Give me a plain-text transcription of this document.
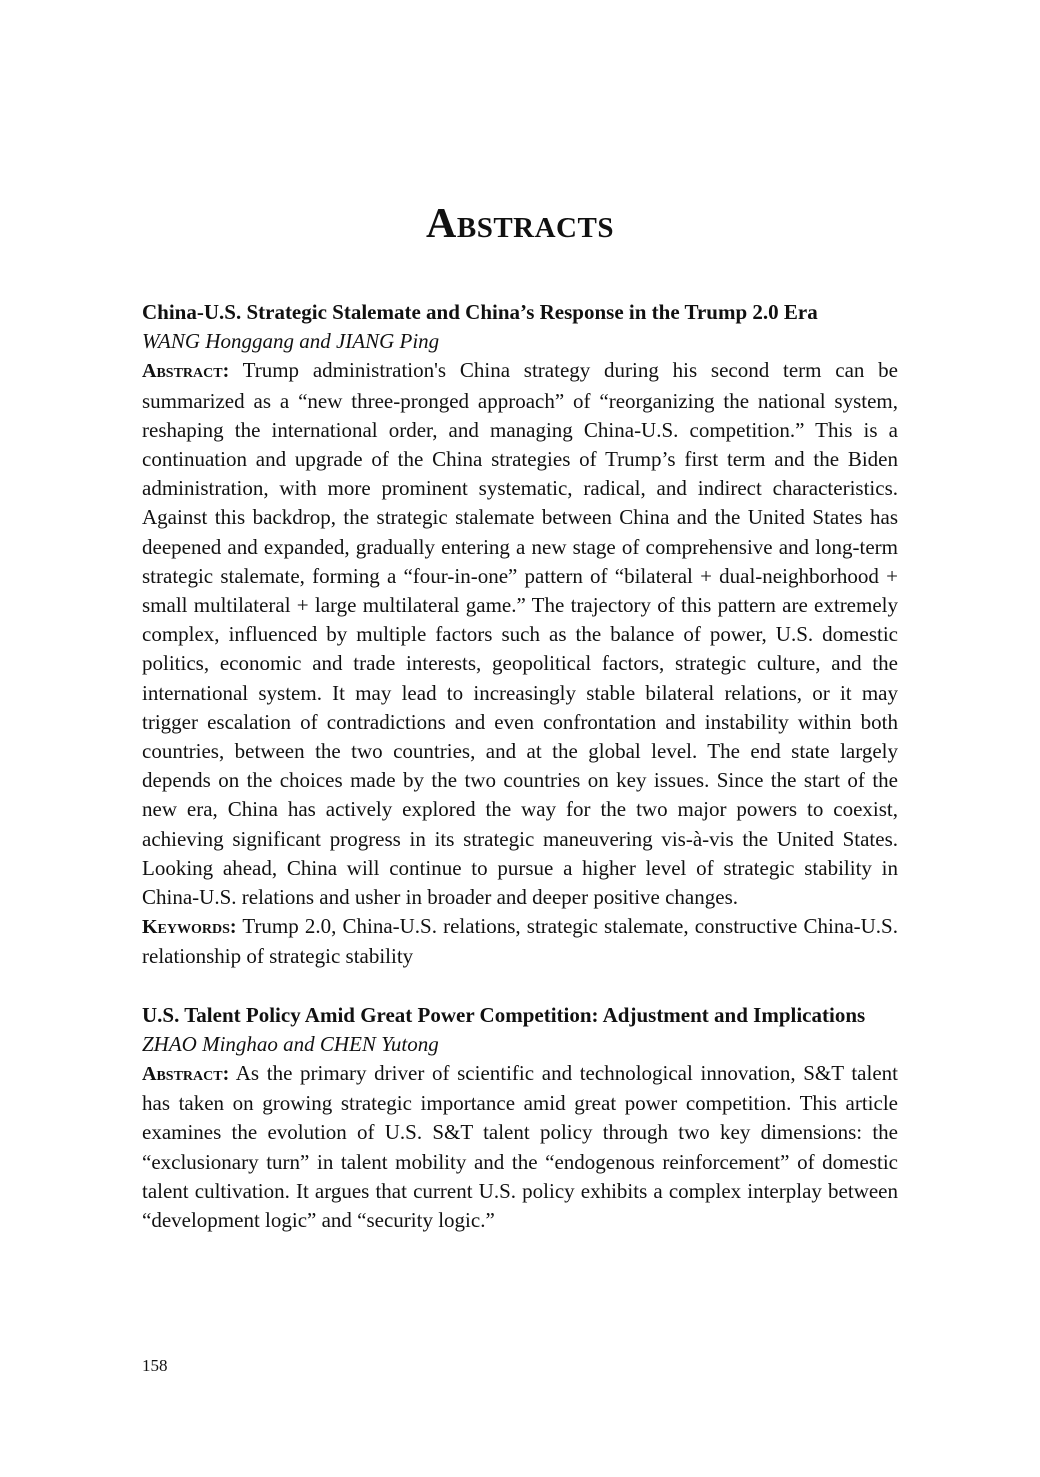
Abstracts

China-U.S. Strategic Stalemate and China’s Response in the Trump 2.0 Era

WANG Honggang and JIANG Ping

Abstract: Trump administration's China strategy during his second term can be summarized as a “new three-pronged approach” of “reorganizing the national system, reshaping the international order, and managing China-U.S. competition.” This is a continuation and upgrade of the China strategies of Trump’s first term and the Biden administration, with more prominent systematic, radical, and indirect characteristics. Against this backdrop, the strategic stalemate between China and the United States has deepened and expanded, gradually entering a new stage of comprehensive and long-term strategic stalemate, forming a “four-in-one” pattern of “bilateral + dual-neighborhood + small multilateral + large multilateral game.” The trajectory of this pattern are extremely complex, influenced by multiple factors such as the balance of power, U.S. domestic politics, economic and trade interests, geopolitical factors, strategic culture, and the international system. It may lead to increasingly stable bilateral relations, or it may trigger escalation of contradictions and even confrontation and instability within both countries, between the two countries, and at the global level. The end state largely depends on the choices made by the two countries on key issues. Since the start of the new era, China has actively explored the way for the two major powers to coexist, achieving significant progress in its strategic maneuvering vis-à-vis the United States. Looking ahead, China will continue to pursue a higher level of strategic stability in China-U.S. relations and usher in broader and deeper positive changes.

Keywords: Trump 2.0, China-U.S. relations, strategic stalemate, constructive China-U.S. relationship of strategic stability

U.S. Talent Policy Amid Great Power Competition: Adjustment and Implications

ZHAO Minghao and CHEN Yutong

Abstract: As the primary driver of scientific and technological innovation, S&T talent has taken on growing strategic importance amid great power competition. This article examines the evolution of U.S. S&T talent policy through two key dimensions: the “exclusionary turn” in talent mobility and the “endogenous reinforcement” of domestic talent cultivation. It argues that current U.S. policy exhibits a complex interplay between “development logic” and “security logic.”

158
